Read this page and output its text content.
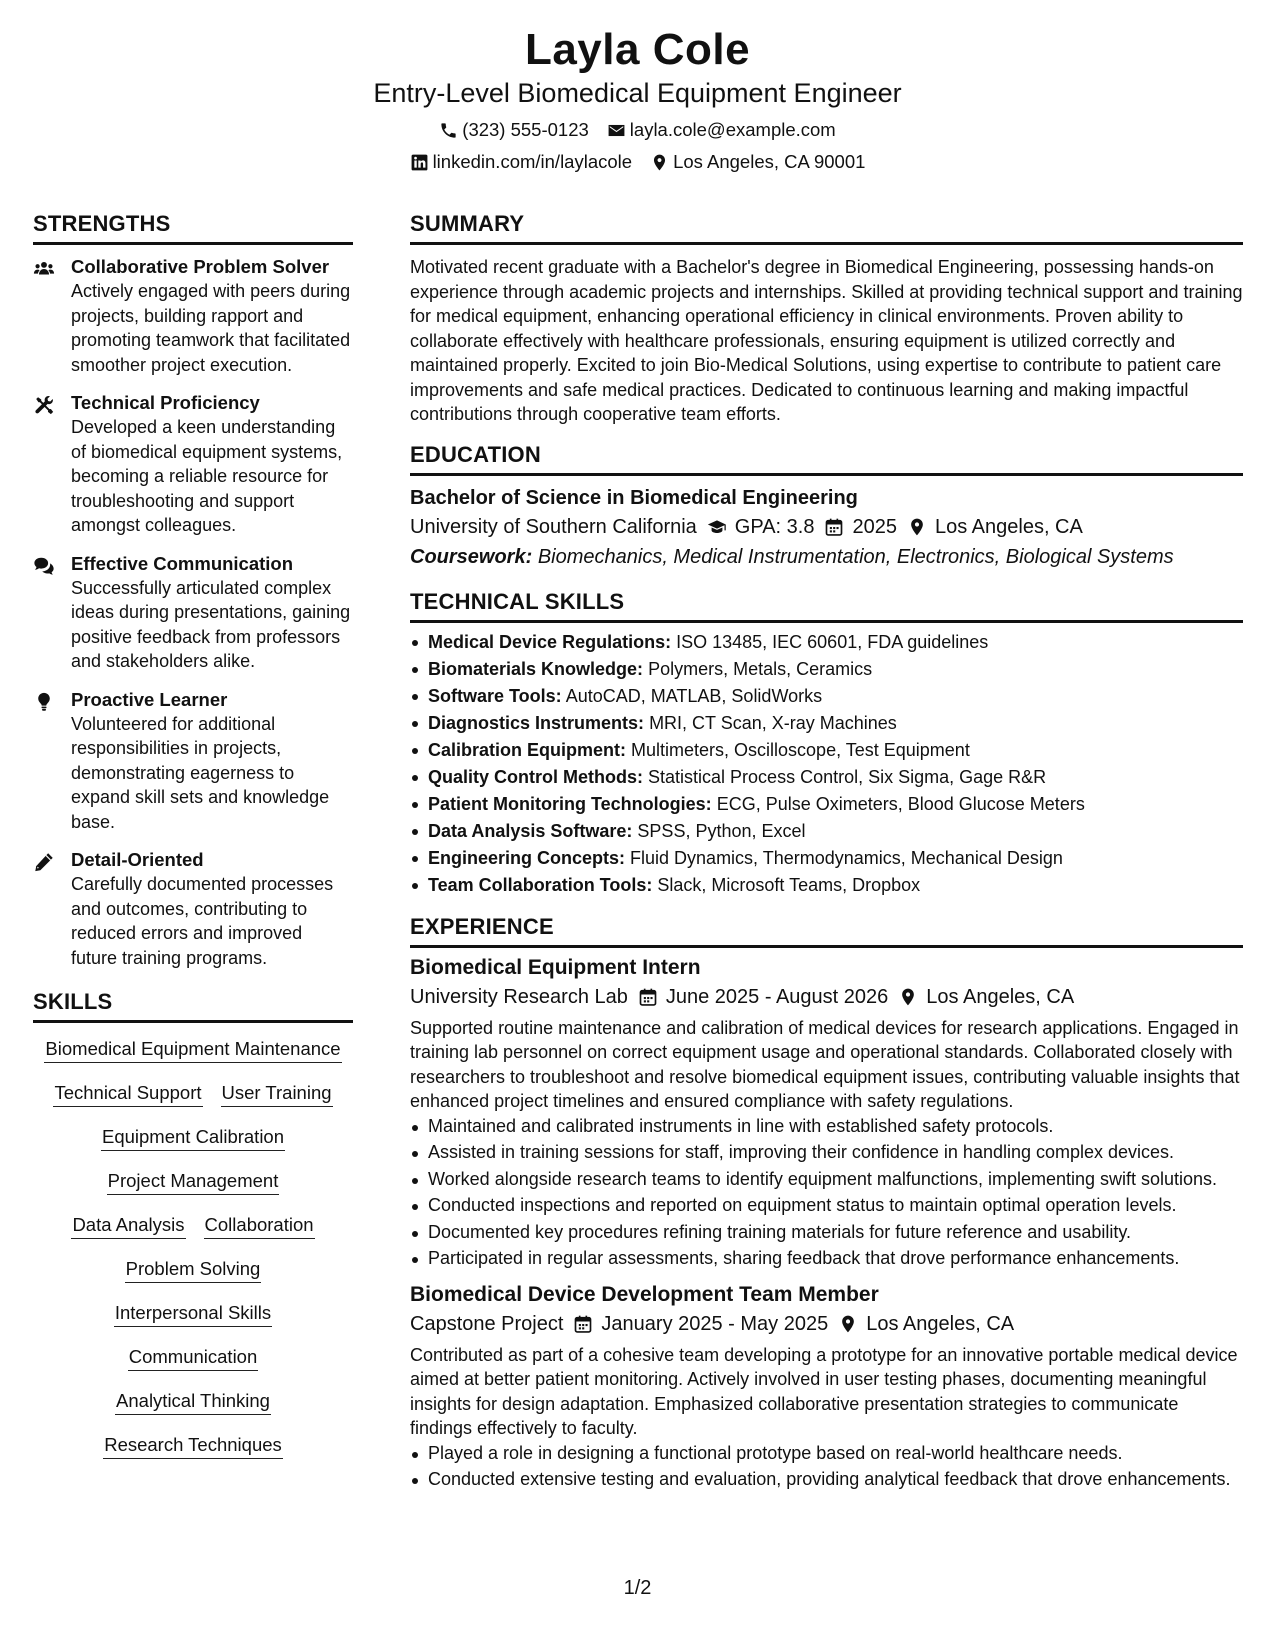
Layla Cole
Entry-Level Biomedical Equipment Engineer
(323) 555-0123 layla.cole@example.com
linkedin.com/in/laylacole Los Angeles, CA 90001
STRENGTHS
Collaborative Problem Solver
Actively engaged with peers during projects, building rapport and promoting teamwork that facilitated smoother project execution.
Technical Proficiency
Developed a keen understanding of biomedical equipment systems, becoming a reliable resource for troubleshooting and support amongst colleagues.
Effective Communication
Successfully articulated complex ideas during presentations, gaining positive feedback from professors and stakeholders alike.
Proactive Learner
Volunteered for additional responsibilities in projects, demonstrating eagerness to expand skill sets and knowledge base.
Detail-Oriented
Carefully documented processes and outcomes, contributing to reduced errors and improved future training programs.
SKILLS
Biomedical Equipment Maintenance
Technical Support User Training
Equipment Calibration
Project Management
Data Analysis Collaboration
Problem Solving
Interpersonal Skills
Communication
Analytical Thinking
Research Techniques
SUMMARY
Motivated recent graduate with a Bachelor's degree in Biomedical Engineering, possessing hands-on experience through academic projects and internships. Skilled at providing technical support and training for medical equipment, enhancing operational efficiency in clinical environments. Proven ability to collaborate effectively with healthcare professionals, ensuring equipment is utilized correctly and maintained properly. Excited to join Bio-Medical Solutions, using expertise to contribute to patient care improvements and safe medical practices. Dedicated to continuous learning and making impactful contributions through cooperative team efforts.
EDUCATION
Bachelor of Science in Biomedical Engineering
University of Southern California GPA: 3.8 2025 Los Angeles, CA
Coursework: Biomechanics, Medical Instrumentation, Electronics, Biological Systems
TECHNICAL SKILLS
Medical Device Regulations: ISO 13485, IEC 60601, FDA guidelines
Biomaterials Knowledge: Polymers, Metals, Ceramics
Software Tools: AutoCAD, MATLAB, SolidWorks
Diagnostics Instruments: MRI, CT Scan, X-ray Machines
Calibration Equipment: Multimeters, Oscilloscope, Test Equipment
Quality Control Methods: Statistical Process Control, Six Sigma, Gage R&R
Patient Monitoring Technologies: ECG, Pulse Oximeters, Blood Glucose Meters
Data Analysis Software: SPSS, Python, Excel
Engineering Concepts: Fluid Dynamics, Thermodynamics, Mechanical Design
Team Collaboration Tools: Slack, Microsoft Teams, Dropbox
EXPERIENCE
Biomedical Equipment Intern
University Research Lab June 2025 - August 2026 Los Angeles, CA
Supported routine maintenance and calibration of medical devices for research applications. Engaged in training lab personnel on correct equipment usage and operational standards. Collaborated closely with researchers to troubleshoot and resolve biomedical equipment issues, contributing valuable insights that enhanced project timelines and ensured compliance with safety regulations.
Maintained and calibrated instruments in line with established safety protocols.
Assisted in training sessions for staff, improving their confidence in handling complex devices.
Worked alongside research teams to identify equipment malfunctions, implementing swift solutions.
Conducted inspections and reported on equipment status to maintain optimal operation levels.
Documented key procedures refining training materials for future reference and usability.
Participated in regular assessments, sharing feedback that drove performance enhancements.
Biomedical Device Development Team Member
Capstone Project January 2025 - May 2025 Los Angeles, CA
Contributed as part of a cohesive team developing a prototype for an innovative portable medical device aimed at better patient monitoring. Actively involved in user testing phases, documenting meaningful insights for design adaptation. Emphasized collaborative presentation strategies to communicate findings effectively to faculty.
Played a role in designing a functional prototype based on real-world healthcare needs.
Conducted extensive testing and evaluation, providing analytical feedback that drove enhancements.
1/2
